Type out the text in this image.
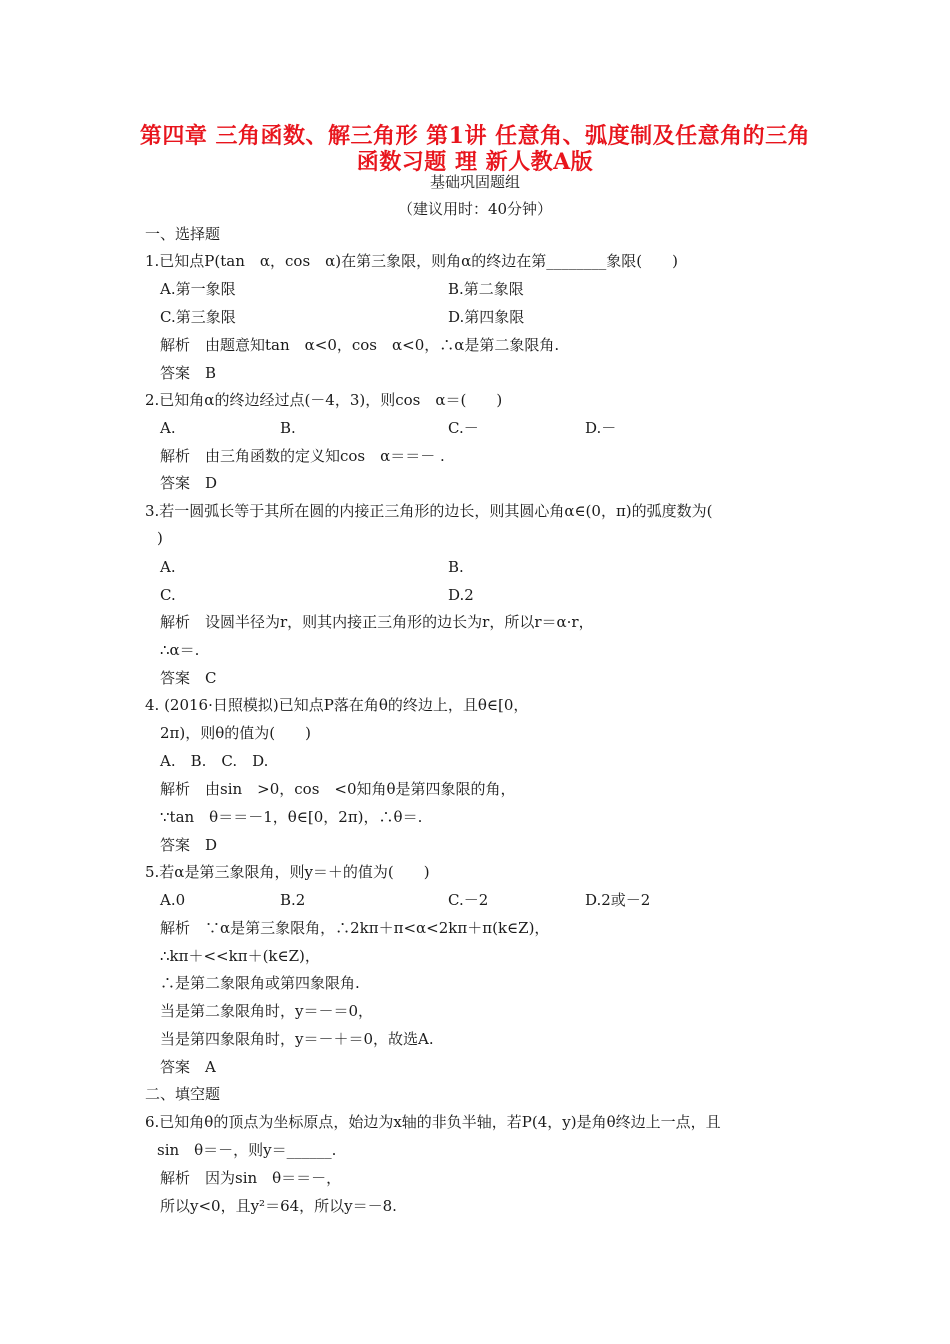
第四章 三角函数、解三角形 第1讲 任意角、弧度制及任意角的三角
函数习题 理 新人教A版
基础巩固题组
（建议用时：40分钟）
一、选择题
1.已知点P(tan　α，cos　α)在第三象限，则角α的终边在第________象限(　　)
A.第一象限	B.第二象限
C.第三象限	D.第四象限
解析　由题意知tan　α<0，cos　α<0，∴α是第二象限角.
答案　B
2.已知角α的终边经过点(－4，3)，则cos　α＝(　　)
A.	B.	C.－	D.－
解析　由三角函数的定义知cos　α＝＝－ .
答案　D
3.若一圆弧长等于其所在圆的内接正三角形的边长，则其圆心角α∈(0，π)的弧度数为(
)
A.	B.
C.	D.2
解析　设圆半径为r，则其内接正三角形的边长为r，所以r＝α·r，
∴α＝.
答案　C
4. (2016·日照模拟)已知点P落在角θ的终边上，且θ∈[0，
2π)，则θ的值为(　　)
A.　B.　C.　D.
解析　由sin　>0，cos　<0知角θ是第四象限的角，
∵tan　θ＝＝－1，θ∈[0，2π)，∴θ＝.
答案　D
5.若α是第三象限角，则y＝＋的值为(　　)
A.0	B.2	C.－2	D.2或－2
解析　∵α是第三象限角，∴2kπ＋π<α<2kπ＋π(k∈Z)，
∴kπ＋<<kπ＋(k∈Z)，
∴是第二象限角或第四象限角.
当是第二象限角时，y＝－＝0，
当是第四象限角时，y＝－＋＝0，故选A.
答案　A
二、填空题
6.已知角θ的顶点为坐标原点，始边为x轴的非负半轴，若P(4，y)是角θ终边上一点，且
sin　θ＝－，则y＝______.
解析　因为sin　θ＝＝－，
所以y<0，且y²＝64，所以y＝－8.
